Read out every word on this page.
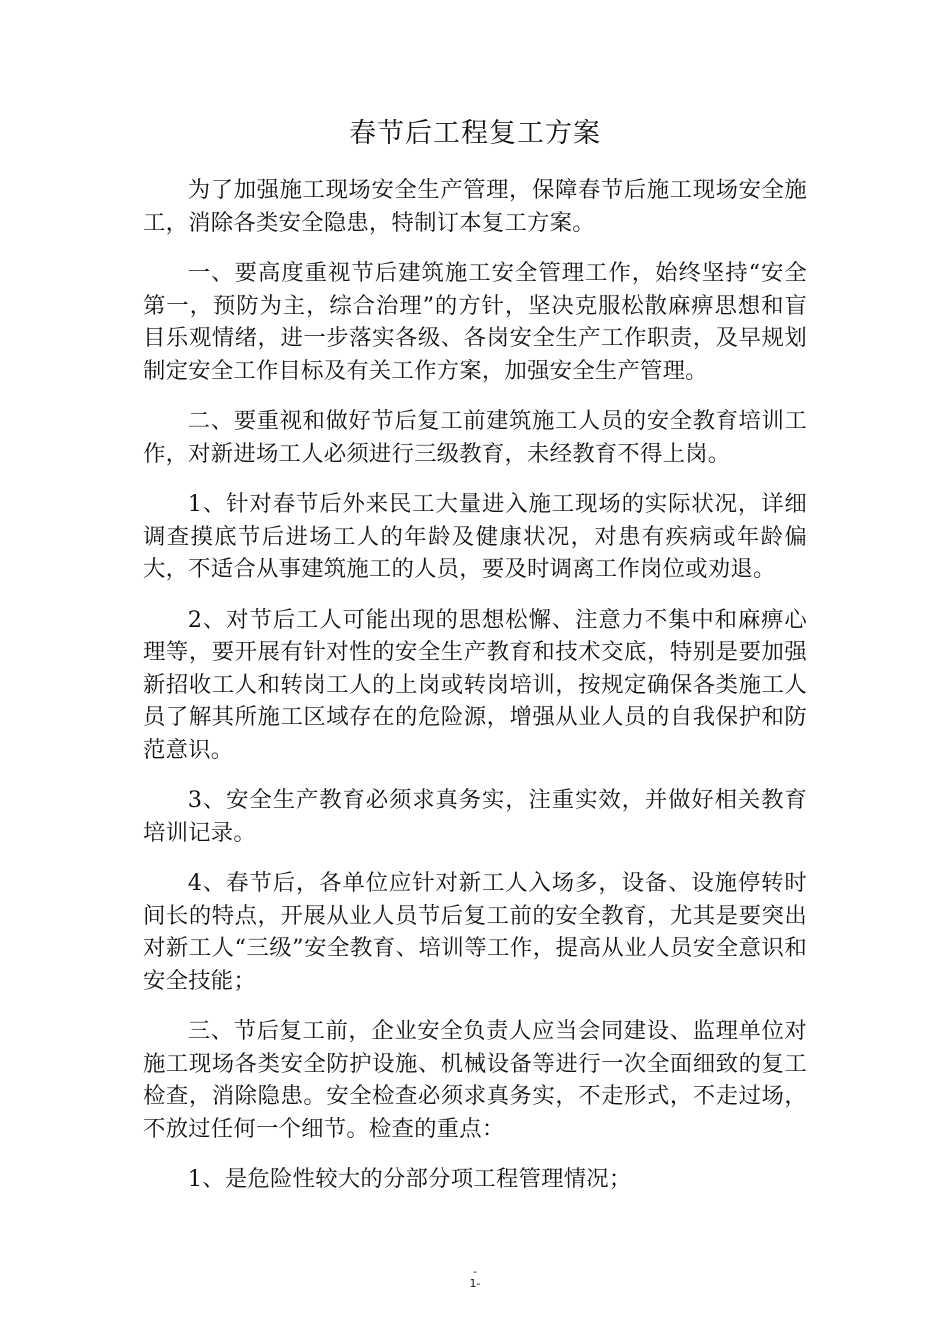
春节后工程复工方案

为了加强施工现场安全生产管理，保障春节后施工现场安全施工，消除各类安全隐患，特制订本复工方案。

一、要高度重视节后建筑施工安全管理工作，始终坚持“安全第一，预防为主，综合治理”的方针，坚决克服松散麻痹思想和盲目乐观情绪，进一步落实各级、各岗安全生产工作职责，及早规划制定安全工作目标及有关工作方案，加强安全生产管理。

二、要重视和做好节后复工前建筑施工人员的安全教育培训工作，对新进场工人必须进行三级教育，未经教育不得上岗。

1、针对春节后外来民工大量进入施工现场的实际状况，详细调查摸底节后进场工人的年龄及健康状况，对患有疾病或年龄偏大，不适合从事建筑施工的人员，要及时调离工作岗位或劝退。

2、对节后工人可能出现的思想松懈、注意力不集中和麻痹心理等，要开展有针对性的安全生产教育和技术交底，特别是要加强新招收工人和转岗工人的上岗或转岗培训，按规定确保各类施工人员了解其所施工区域存在的危险源，增强从业人员的自我保护和防范意识。

3、安全生产教育必须求真务实，注重实效，并做好相关教育培训记录。

4、春节后，各单位应针对新工人入场多，设备、设施停转时间长的特点，开展从业人员节后复工前的安全教育，尤其是要突出对新工人“三级”安全教育、培训等工作，提高从业人员安全意识和安全技能；

三、节后复工前，企业安全负责人应当会同建设、监理单位对施工现场各类安全防护设施、机械设备等进行一次全面细致的复工检查，消除隐患。安全检查必须求真务实，不走形式，不走过场，不放过任何一个细节。检查的重点：

1、是危险性较大的分部分项工程管理情况；

-
1-
